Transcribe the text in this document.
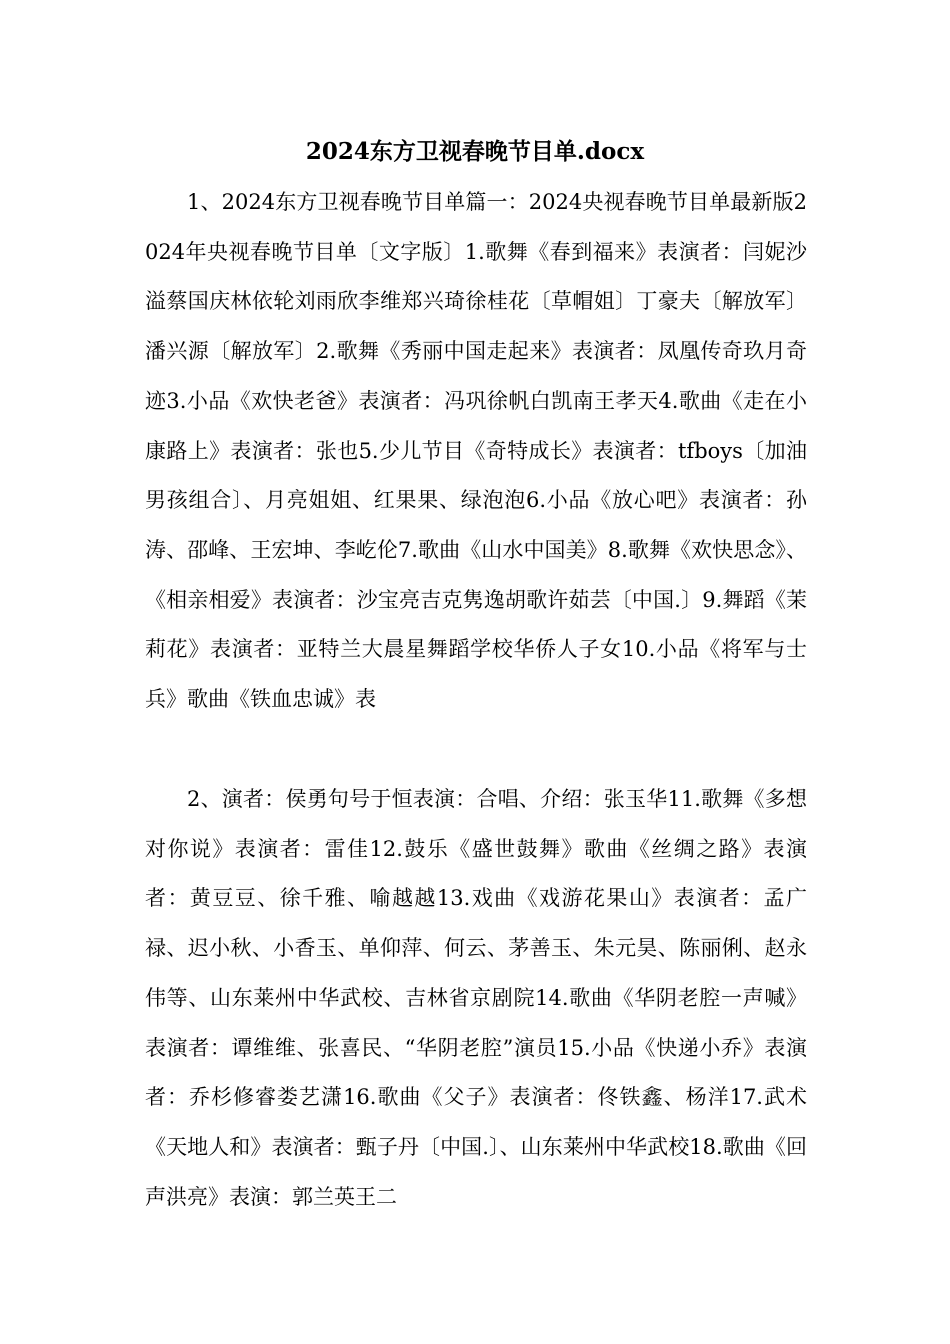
2024东方卫视春晚节目单.docx
1、2024东方卫视春晚节目单篇一：2024央视春晚节目单最新版2024年央视春晚节目单〔文字版〕1.歌舞《春到福来》表演者：闫妮沙溢蔡国庆林依轮刘雨欣李维郑兴琦徐桂花〔草帽姐〕丁豪夫〔解放军〕潘兴源〔解放军〕2.歌舞《秀丽中国走起来》表演者：凤凰传奇玖月奇迹3.小品《欢快老爸》表演者：冯巩徐帆白凯南王孝天4.歌曲《走在小康路上》表演者：张也5.少儿节目《奇特成长》表演者：tfboys〔加油男孩组合〕、月亮姐姐、红果果、绿泡泡6.小品《放心吧》表演者：孙涛、邵峰、王宏坤、李屹伦7.歌曲《山水中国美》8.歌舞《欢快思念》、《相亲相爱》表演者：沙宝亮吉克隽逸胡歌许茹芸〔中国.〕9.舞蹈《茉莉花》表演者：亚特兰大晨星舞蹈学校华侨人子女10.小品《将军与士兵》歌曲《铁血忠诚》表
2、演者：侯勇句号于恒表演：合唱、介绍：张玉华11.歌舞《多想对你说》表演者：雷佳12.鼓乐《盛世鼓舞》歌曲《丝绸之路》表演者：黄豆豆、徐千雅、喻越越13.戏曲《戏游花果山》表演者：孟广禄、迟小秋、小香玉、单仰萍、何云、茅善玉、朱元昊、陈丽俐、赵永伟等、山东莱州中华武校、吉林省京剧院14.歌曲《华阴老腔一声喊》表演者：谭维维、张喜民、“华阴老腔”演员15.小品《快递小乔》表演者：乔杉修睿娄艺潇16.歌曲《父子》表演者：佟铁鑫、杨洋17.武术《天地人和》表演者：甄子丹〔中国.〕、山东莱州中华武校18.歌曲《回声洪亮》表演：郭兰英王二
